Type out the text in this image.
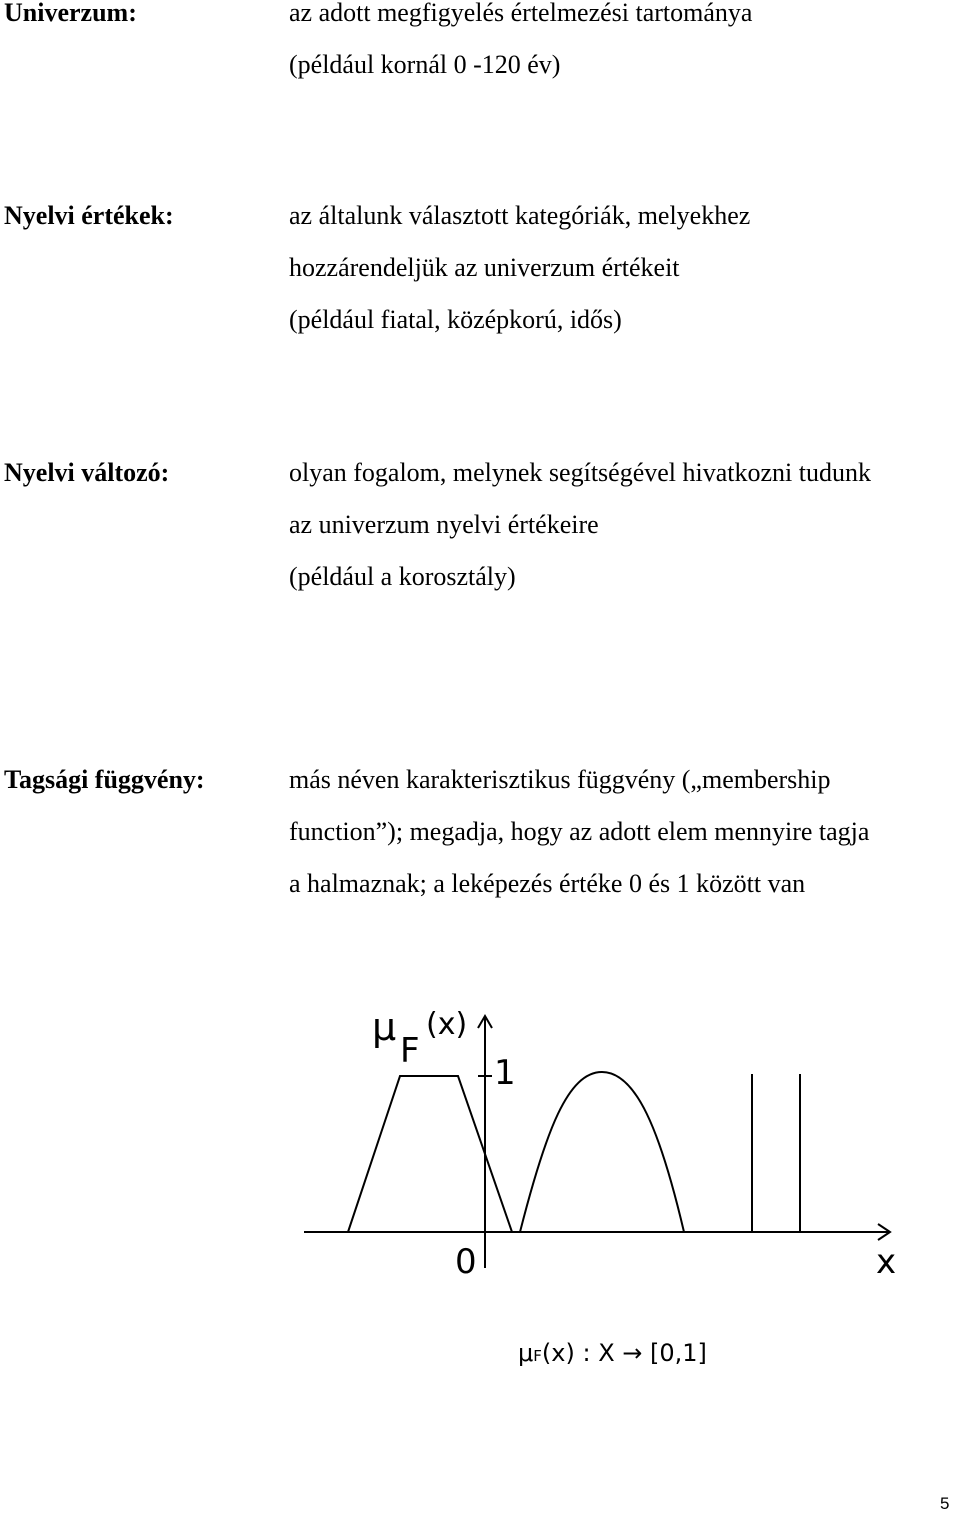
Univerzum:	az adott megfigyelés értelmezési tartománya
(például kornál 0 -120 év)
Nyelvi értékek:	az általunk választott kategóriák, melyekhez
hozzárendeljük az univerzum értékeit
(például fiatal, középkorú, idős)
Nyelvi változó:	olyan fogalom, melynek segítségével hivatkozni tudunk
az univerzum nyelvi értékeire
(például a korosztály)
Tagsági függvény:	más néven karakterisztikus függvény („membership
function”); megadja, hogy az adott elem mennyire tagja
a halmaznak; a leképezés értéke 0 és 1 között van
μ
F
(x)
1
0	x
μF(x) : X → [0,1]
5
